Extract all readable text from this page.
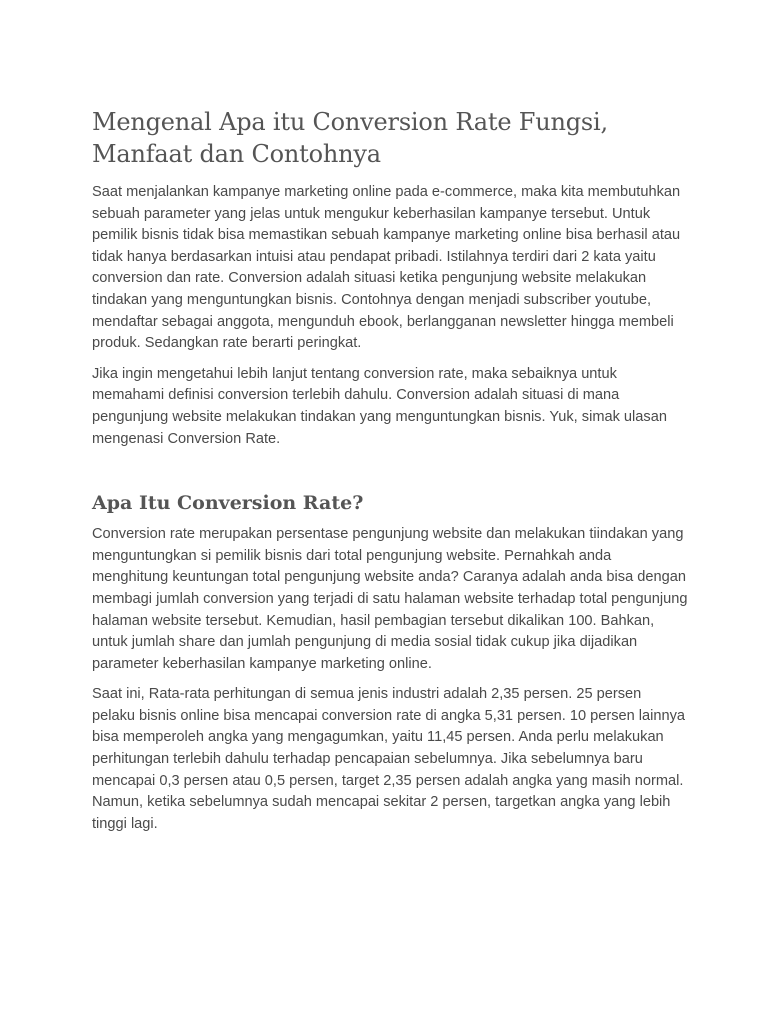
Mengenal Apa itu Conversion Rate Fungsi, Manfaat dan Contohnya

Saat menjalankan kampanye marketing online pada e-commerce, maka kita membutuhkan sebuah parameter yang jelas untuk mengukur keberhasilan kampanye tersebut. Untuk pemilik bisnis tidak bisa memastikan sebuah kampanye marketing online bisa berhasil atau tidak hanya berdasarkan intuisi atau pendapat pribadi. Istilahnya terdiri dari 2 kata yaitu conversion dan rate. Conversion adalah situasi ketika pengunjung website melakukan tindakan yang menguntungkan bisnis. Contohnya dengan menjadi subscriber youtube, mendaftar sebagai anggota, mengunduh ebook, berlangganan newsletter hingga membeli produk. Sedangkan rate berarti peringkat.

Jika ingin mengetahui lebih lanjut tentang conversion rate, maka sebaiknya untuk memahami definisi conversion terlebih dahulu. Conversion adalah situasi di mana pengunjung website melakukan tindakan yang menguntungkan bisnis. Yuk, simak ulasan mengenasi Conversion Rate.

Apa Itu Conversion Rate?

Conversion rate merupakan persentase pengunjung website dan melakukan tiindakan yang menguntungkan si pemilik bisnis dari total pengunjung website. Pernahkah anda menghitung keuntungan total pengunjung website anda? Caranya adalah anda bisa dengan membagi jumlah conversion yang terjadi di satu halaman website terhadap total pengunjung halaman website tersebut. Kemudian, hasil pembagian tersebut dikalikan 100. Bahkan, untuk jumlah share dan jumlah pengunjung di media sosial tidak cukup jika dijadikan parameter keberhasilan kampanye marketing online.

Saat ini, Rata-rata perhitungan di semua jenis industri adalah 2,35 persen. 25 persen pelaku bisnis online bisa mencapai conversion rate di angka 5,31 persen. 10 persen lainnya bisa memperoleh angka yang mengagumkan, yaitu 11,45 persen. Anda perlu melakukan perhitungan terlebih dahulu terhadap pencapaian sebelumnya. Jika sebelumnya baru mencapai 0,3 persen atau 0,5 persen, target 2,35 persen adalah angka yang masih normal. Namun, ketika sebelumnya sudah mencapai sekitar 2 persen, targetkan angka yang lebih tinggi lagi.
